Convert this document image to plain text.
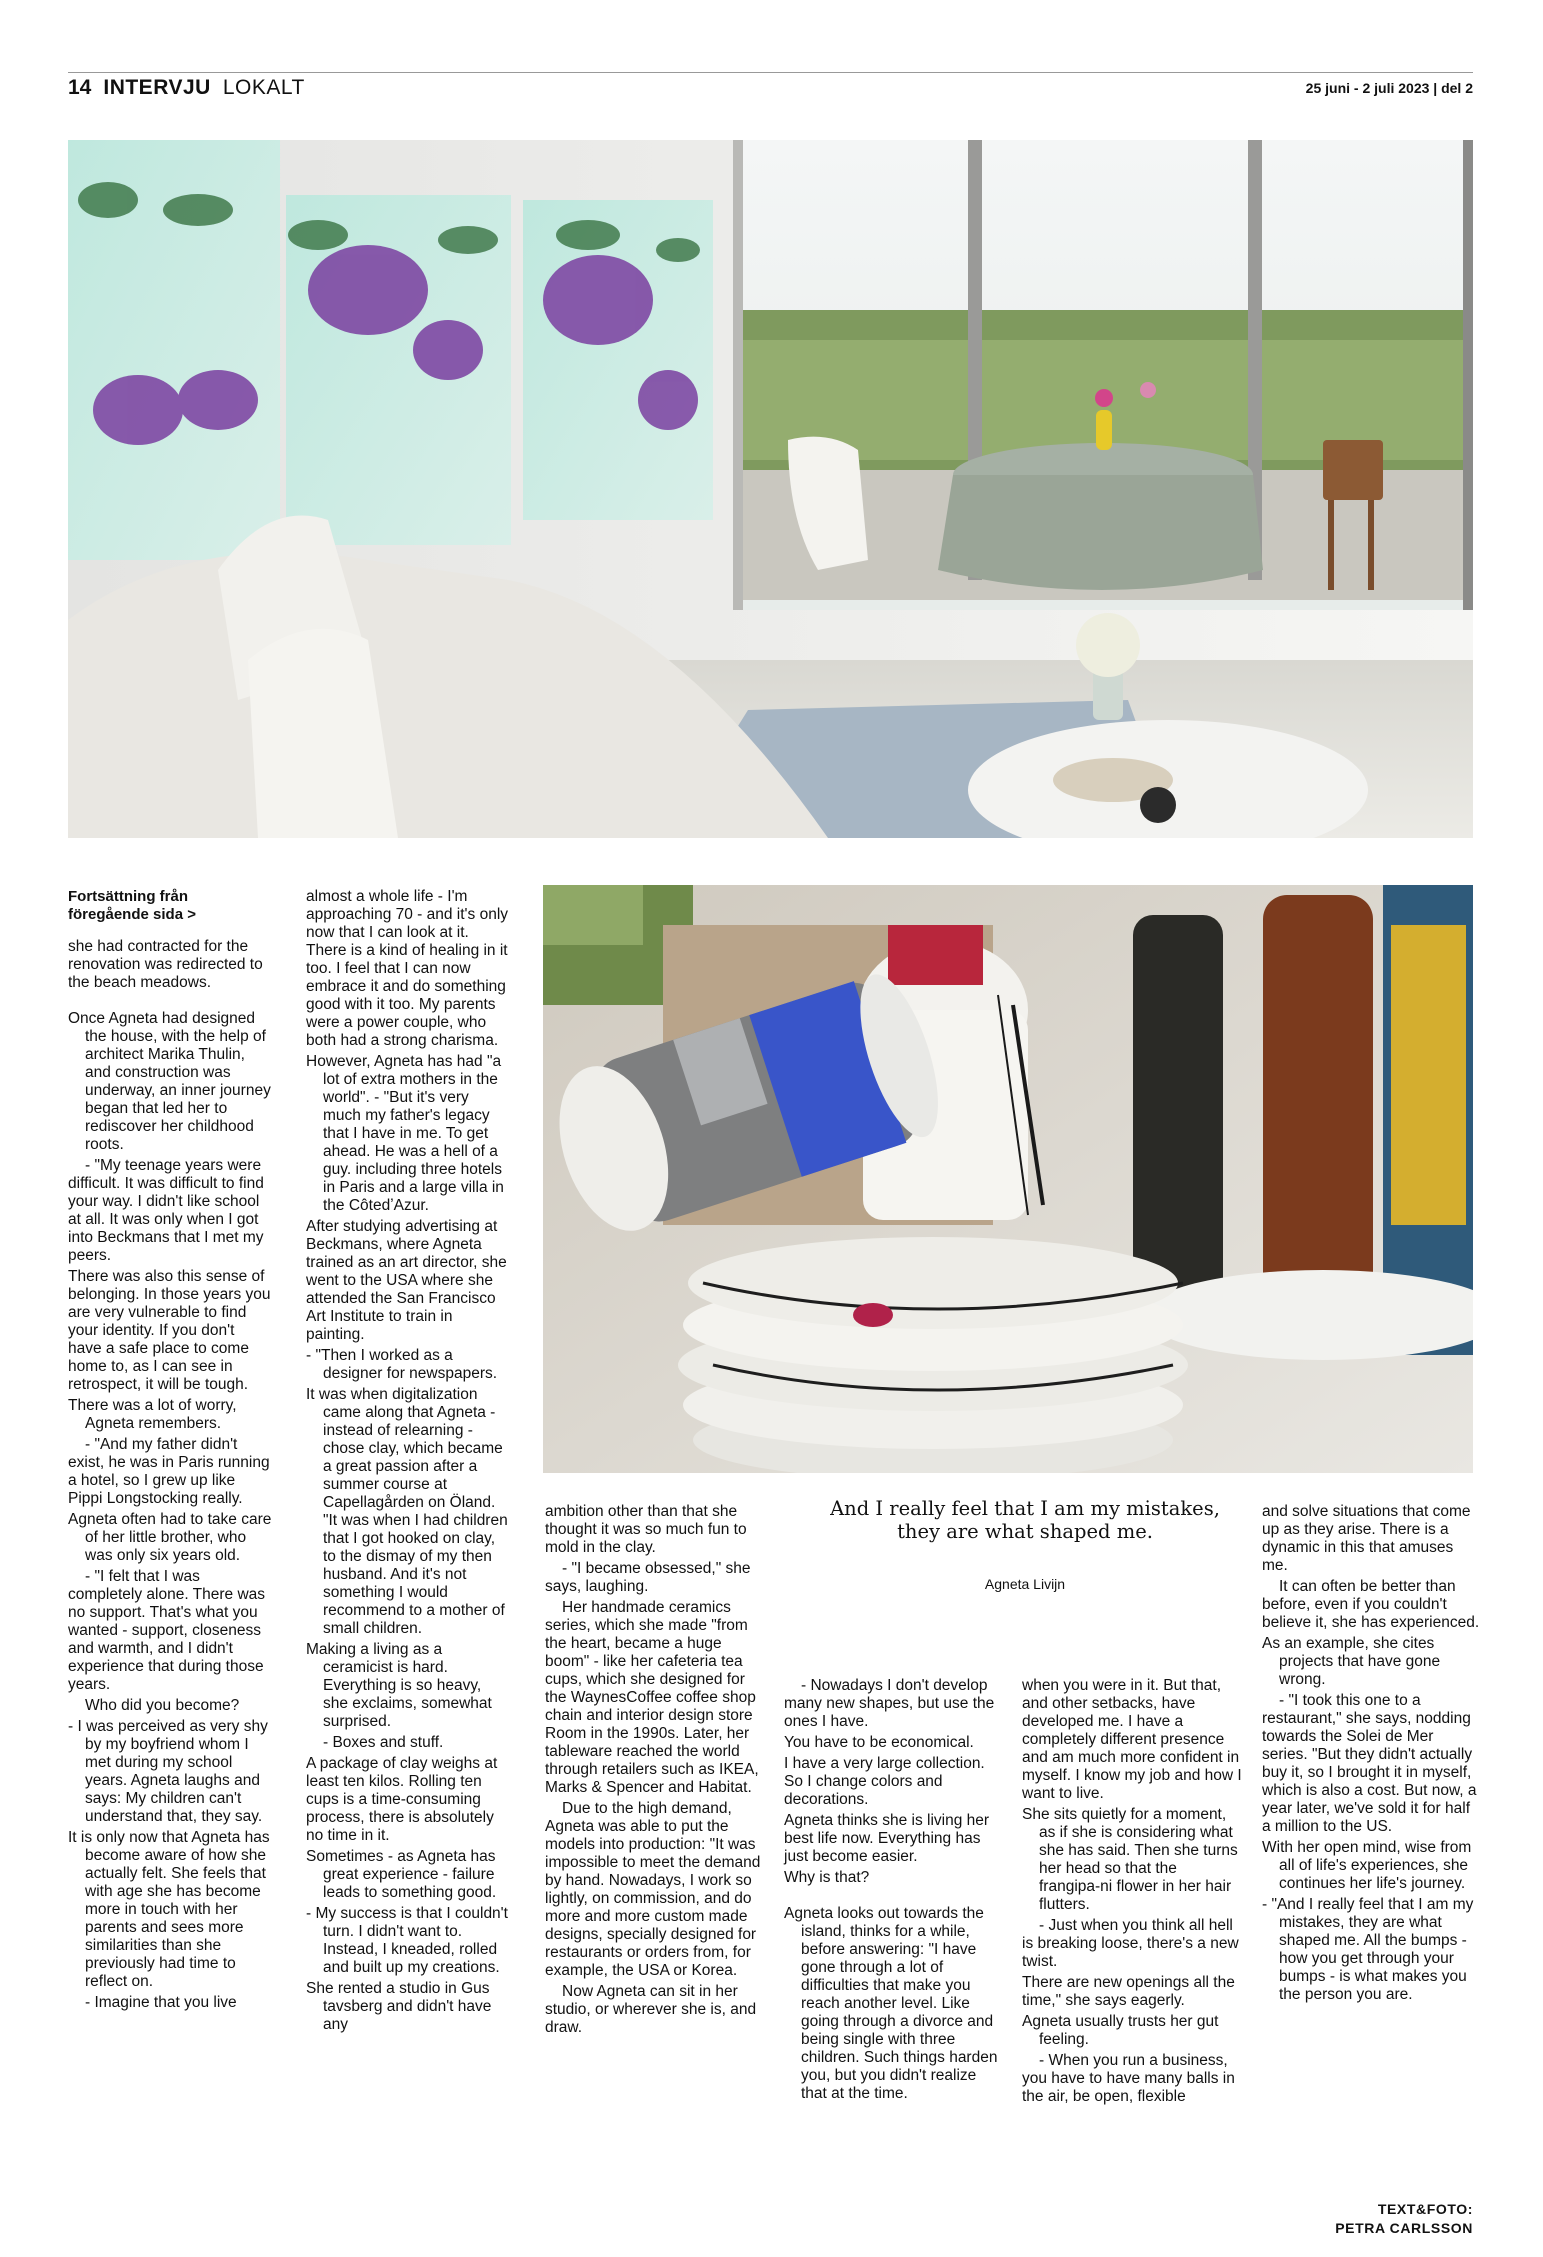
14 INTERVJU LOKALT	25 juni - 2 juli 2023 | del 2
Fortsättning från föregående sida >

she had contracted for the renovation was redirected to the beach meadows.

Once Agneta had designed the house, with the help of architect Marika Thulin, and construction was underway, an inner journey began that led her to rediscover her childhood roots.

- "My teenage years were difficult. It was difficult to find your way. I didn't like school at all. It was only when I got into Beckmans that I met my peers.

There was also this sense of belonging. In those years you are very vulnerable to find your identity. If you don't have a safe place to come home to, as I can see in retrospect, it will be tough.

There was a lot of worry, Agneta remembers.

- "And my father didn't exist, he was in Paris running a hotel, so I grew up like Pippi Longstocking really.

Agneta often had to take care of her little brother, who was only six years old.

- "I felt that I was completely alone. There was no support. That's what you wanted - support, closeness and warmth, and I didn't experience that during those years.

Who did you become?

- I was perceived as very shy by my boyfriend whom I met during my school years. Agneta laughs and says: My children can't understand that, they say.

It is only now that Agneta has become aware of how she actually felt. She feels that with age she has become more in touch with her parents and sees more similarities than she previously had time to reflect on.

- Imagine that you live

almost a whole life - I'm approaching 70 - and it's only now that I can look at it. There is a kind of healing in it too. I feel that I can now embrace it and do something good with it too. My parents were a power couple, who both had a strong charisma.

However, Agneta has had "a lot of extra mothers in the world". - "But it's very much my father's legacy that I have in me. To get ahead. He was a hell of a guy. including three hotels in Paris and a large villa in the CôtedʼAzur.

After studying advertising at Beckmans, where Agneta trained as an art director, she went to the USA where she attended the San Francisco Art Institute to train in painting.

- "Then I worked as a designer for newspapers.

It was when digitalization came along that Agneta - instead of relearning - chose clay, which became a great passion after a summer course at Capellagården on Öland. "It was when I had children that I got hooked on clay, to the dismay of my then husband. And it's not something I would recommend to a mother of small children.

Making a living as a ceramicist is hard. Everything is so heavy, she exclaims, somewhat surprised.

- Boxes and stuff.

A package of clay weighs at least ten kilos. Rolling ten cups is a time-consuming process, there is absolutely no time in it.

Sometimes - as Agneta has great experience - failure leads to something good.

- My success is that I couldn't turn. I didn't want to. Instead, I kneaded, rolled and built up my creations.

She rented a studio in Gus tavsberg and didn't have any

And I really feel that I am my mistakes, they are what shaped me.
Agneta Livijn

ambition other than that she thought it was so much fun to mold in the clay.

- "I became obsessed," she says, laughing.

Her handmade ceramics series, which she made "from the heart, became a huge boom" - like her cafeteria tea cups, which she designed for the WaynesCoffee coffee shop chain and interior design store Room in the 1990s. Later, her tableware reached the world through retailers such as IKEA, Marks & Spencer and Habitat.

Due to the high demand, Agneta was able to put the models into production: "It was impossible to meet the demand by hand. Nowadays, I work so lightly, on commission, and do more and more custom made designs, specially designed for restaurants or orders from, for example, the USA or Korea.

Now Agneta can sit in her studio, or wherever she is, and draw.

- Nowadays I don't develop many new shapes, but use the ones I have.

You have to be economical.

I have a very large collection. So I change colors and decorations.

Agneta thinks she is living her best life now. Everything has just become easier.

Why is that?

Agneta looks out towards the island, thinks for a while, before answering: "I have gone through a lot of difficulties that make you reach another level. Like going through a divorce and being single with three children. Such things harden you, but you didn't realize that at the time.

when you were in it. But that, and other setbacks, have developed me. I have a completely different presence and am much more confident in myself. I know my job and how I want to live.

She sits quietly for a moment, as if she is considering what she has said. Then she turns her head so that the frangipa-ni flower in her hair flutters.

- Just when you think all hell is breaking loose, there's a new twist.

There are new openings all the time," she says eagerly.

Agneta usually trusts her gut feeling.

- When you run a business, you have to have many balls in the air, be open, flexible

and solve situations that come up as they arise. There is a dynamic in this that amuses me.

It can often be better than before, even if you couldn't believe it, she has experienced.

As an example, she cites projects that have gone wrong.

- "I took this one to a restaurant," she says, nodding towards the Solei de Mer series. "But they didn't actually buy it, so I brought it in myself, which is also a cost. But now, a year later, we've sold it for half a million to the US.

With her open mind, wise from all of life's experiences, she continues her life's journey.

- "And I really feel that I am my mistakes, they are what shaped me. All the bumps - how you get through your bumps - is what makes you the person you are.

TEXT&FOTO:
PETRA CARLSSON
